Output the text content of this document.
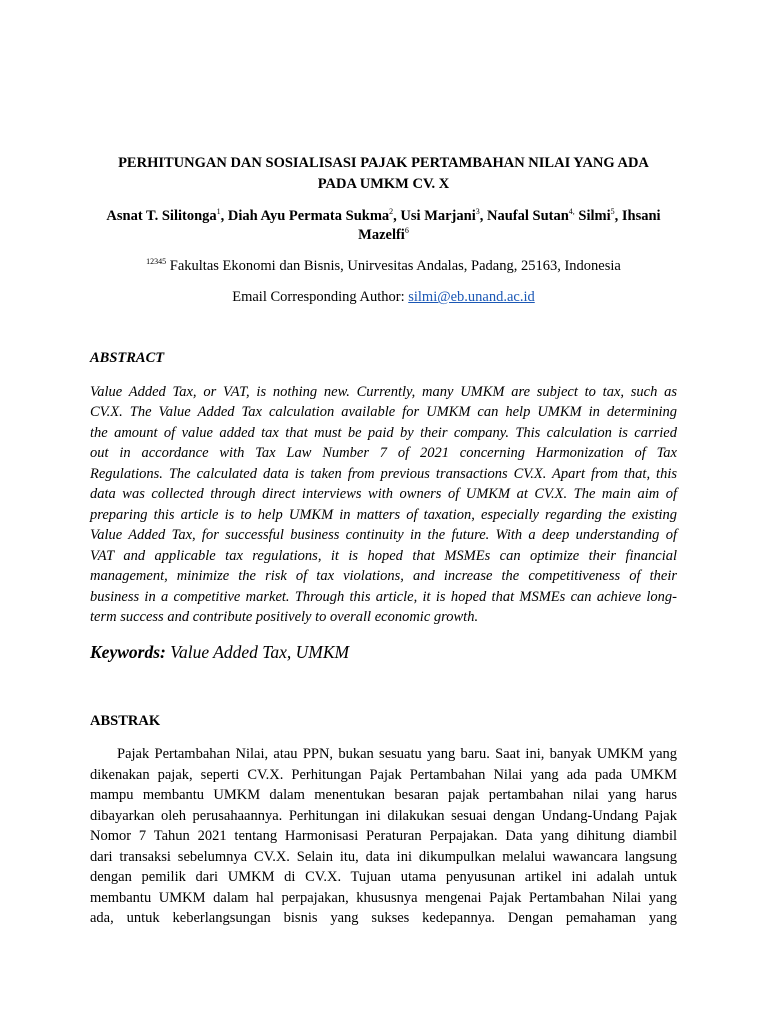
PERHITUNGAN DAN SOSIALISASI PAJAK PERTAMBAHAN NILAI YANG ADA
PADA UMKM CV. X
Asnat T. Silitonga$^1$, Diah Ayu Permata Sukma$^2$, Usi Marjani$^3$, Naufal Sutan$^{4,}$ Silmi$^5$, Ihsani
Mazelfi$^6$
$^{12345}$ Fakultas Ekonomi dan Bisnis, Unirvesitas Andalas, Padang, 25163, Indonesia
Email Corresponding Author: silmi@eb.unand.ac.id
ABSTRACT
Value Added Tax, or VAT, is nothing new. Currently, many UMKM are subject to tax, such as
CV.X. The Value Added Tax calculation available for UMKM can help UMKM in determining
the amount of value added tax that must be paid by their company. This calculation is carried
out in accordance with Tax Law Number 7 of 2021 concerning Harmonization of Tax
Regulations. The calculated data is taken from previous transactions CV.X. Apart from that, this
data was collected through direct interviews with owners of UMKM at CV.X. The main aim of
preparing this article is to help UMKM in matters of taxation, especially regarding the existing
Value Added Tax, for successful business continuity in the future. With a deep understanding of
VAT and applicable tax regulations, it is hoped that MSMEs can optimize their financial
management, minimize the risk of tax violations, and increase the competitiveness of their
business in a competitive market. Through this article, it is hoped that MSMEs can achieve long-
term success and contribute positively to overall economic growth.
Keywords: Value Added Tax, UMKM
ABSTRAK
Pajak Pertambahan Nilai, atau PPN, bukan sesuatu yang baru. Saat ini, banyak UMKM yang
dikenakan pajak, seperti CV.X. Perhitungan Pajak Pertambahan Nilai yang ada pada UMKM
mampu membantu UMKM dalam menentukan besaran pajak pertambahan nilai yang harus
dibayarkan oleh perusahaannya. Perhitungan ini dilakukan sesuai dengan Undang-Undang Pajak
Nomor 7 Tahun 2021 tentang Harmonisasi Peraturan Perpajakan. Data yang dihitung diambil
dari transaksi sebelumnya CV.X. Selain itu, data ini dikumpulkan melalui wawancara langsung
dengan pemilik dari UMKM di CV.X. Tujuan utama penyusunan artikel ini adalah untuk
membantu UMKM dalam hal perpajakan, khususnya mengenai Pajak Pertambahan Nilai yang
ada, untuk keberlangsungan bisnis yang sukses kedepannya. Dengan pemahaman yang
